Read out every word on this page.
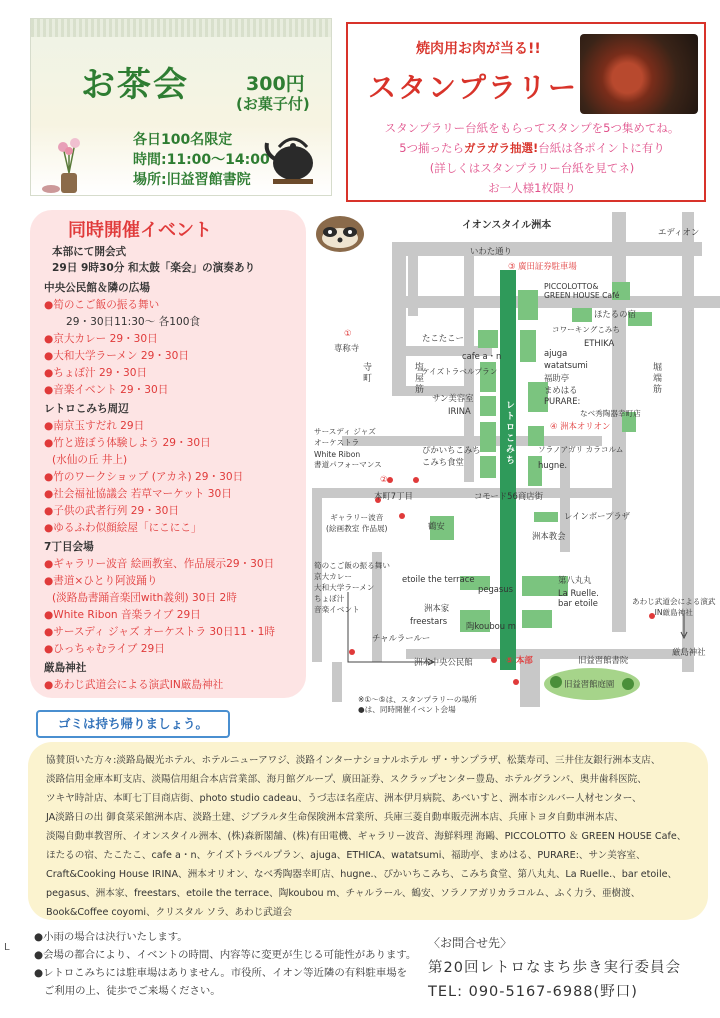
お茶会	300円
(お菓子付)
各日100名限定
時間:11:00〜14:00
場所:旧益習館書院
焼肉用お肉が当る!!
スタンプラリー
スタンプラリー台紙をもらってスタンプを5つ集めてね。
5つ揃ったらガラガラ抽選!台紙は各ポイントに有り
(詳しくはスタンプラリー台紙を見てネ)
お一人様1枚限り
同時開催イベント
本部にて開会式
29日 9時30分 和太鼓「楽会」の演奏あり
中央公民館＆隣の広場
●筍のこご飯の振る舞い
29・30日11:30〜 各100食
●京大カレー 29・30日
●大和大学ラーメン 29・30日
●ちょぼ汁 29・30日
●音楽イベント 29・30日
レトロこみち周辺
●南京玉すだれ 29日
●竹と遊ぼう体験しよう 29・30日
(水仙の丘 井上)
●竹のワークショップ (アカネ) 29・30日
●社会福祉協議会 若草マーケット 30日
●子供の武者行列 29・30日
●ゆるふわ似顔絵屋「にこにこ」
7丁目会場
●ギャラリー波音 絵画教室、作品展示29・30日
●書道×ひとり阿波踊り
(淡路島書踊音楽団with義剣) 30日 2時
●White Ribon 音楽ライブ 29日
●サースディ ジャズ オーケストラ 30日11・1時
●ひっちゃむライブ 29日
厳島神社
●あわじ武道会による演武IN厳島神社
イオンスタイル洲本
エディオン
いわた通り
③ 廣田証券駐車場
PICCOLOTTO&
GREEN HOUSE Café
ほたるの宿
コワーキングこみち
ETHIKA
たこたこー
cafe a・n	ajuga
watatsumi
福助亭
まめはる
PURARE:
ケイズトラベルプラン
なべ秀陶器幸町店
サン美容室
IRINA
④ 洲本オリオン
①
専称寺
寺町	塩屋筋	堀端筋
レトロこみち
サースディ ジャズ
オーケストラ
White Ribon
書道パフォーマンス
②
ぴかいちこみち
こみち食堂
ソラノアガリ カラコルム
hugne.
本町7丁目	コモード56商店街
レインボープラザ
ギャラリー波音
(絵画教室 作品展)	鶴安
洲本教会
etoile the terrace
pegasus
第八丸丸
La Ruelle.
bar etoile
洲本家
freestars 陶koubou m
チャルラールー
筍のこご飯の振る舞い
京大カレー
大和大学ラーメン
ちょぼ汁
音楽イベント
洲本中央公民館	⑤ 本部	旧益習館書院
旧益習館庭園
あわじ武道会による演武
IN厳島神社
厳島神社
※①〜⑤は、スタンプラリーの場所
●は、同時開催イベント会場
ゴミは持ち帰りましょう。

協賛頂いた方々:淡路島観光ホテル、ホテルニューアワジ、淡路インターナショナルホテル ザ・サンプラザ、松葉寿司、三井住友銀行洲本支店、

淡路信用金庫本町支店、淡陽信用組合本店営業部、海月館グループ、廣田証券、スクラップセンター豊島、ホテルグランパ、奥井歯科医院、

ツキヤ時計店、本町七丁目商店街、photo studio cadeau、うづ志ほ名産店、洲本伊月病院、あべいすと、洲本市シルバー人材センター、

JA淡路日の出 御食菜采館洲本店、淡路土建、ジブラルタ生命保険洲本営業所、兵庫三菱自動車販売洲本店、兵庫トヨタ自動車洲本店、

淡陽自動車教習所、イオンスタイル洲本、(株)森新閣舗、(株)有田電機、ギャラリー波音、海鮮料理 海鷗、PICCOLOTTO ＆ GREEN HOUSE Cafe、

ほたるの宿、たこたこ、cafe a・n、ケイズトラベルプラン、ajuga、ETHICA、watatsumi、福助亭、まめはる、PURARE:、サン美容室、

Craft&Cooking House IRINA、洲本オリオン、なべ秀陶器幸町店、hugne.、ぴかいちこみち、こみち食堂、第八丸丸、La Ruelle.、bar etoile、

pegasus、洲本家、freestars、etoile the terrace、陶koubou m、チャルラール、鶴安、ソラノアガリカラコルム、ふく力ラ、亜樹渡、

Book&Coffee coyomi、クリスタル ソラ、あわじ武道会

L

●小雨の場合は決行いたします。

●会場の都合により、イベントの時間、内容等に変更が生じる可能性があります。

●レトロこみちには駐車場はありません。市役所、イオン等近隣の有料駐車場を

ご利用の上、徒歩でご来場ください。

〈お問合せ先〉
第20回レトロなまち歩き実行委員会
TEL: 090-5167-6988(野口)
